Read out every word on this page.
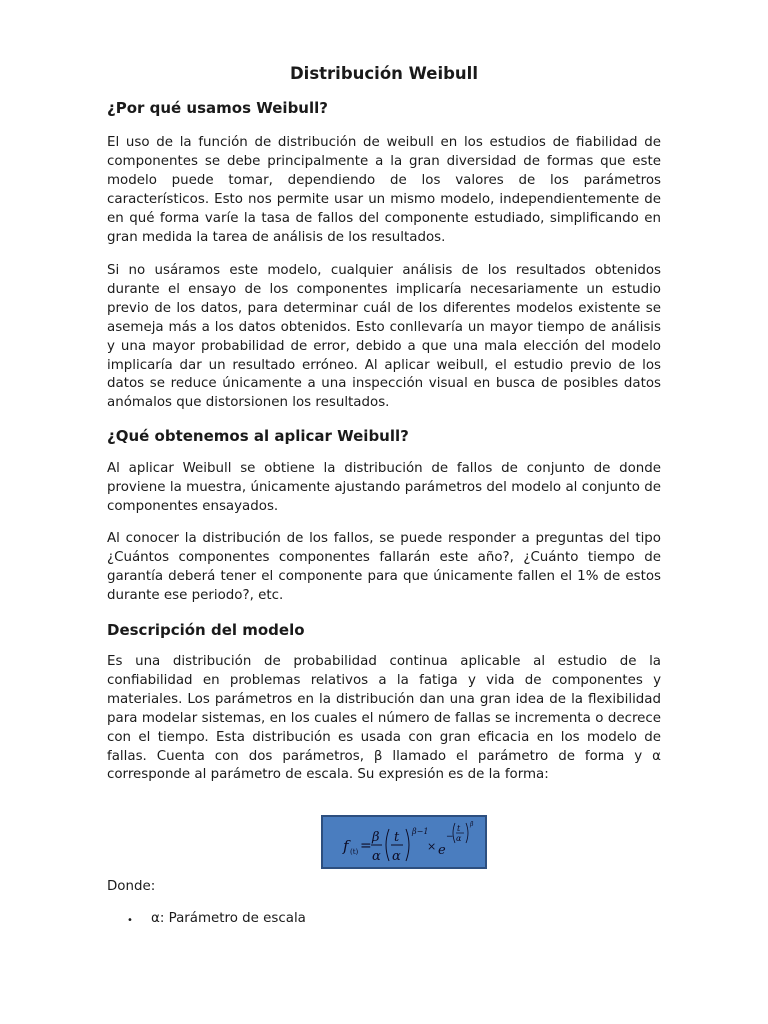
Distribución Weibull
¿Por qué usamos Weibull?

El uso de la función de distribución de weibull en los estudios de fiabilidad de componentes se debe principalmente a la gran diversidad de formas que este modelo puede tomar, dependiendo de los valores de los parámetros característicos. Esto nos permite usar un mismo modelo, independientemente de en qué forma varíe la tasa de fallos del componente estudiado, simplificando en gran medida la tarea de análisis de los resultados.

Si no usáramos este modelo, cualquier análisis de los resultados obtenidos durante el ensayo de los componentes implicaría necesariamente un estudio previo de los datos, para determinar cuál de los diferentes modelos existente se asemeja más a los datos obtenidos. Esto conllevaría un mayor tiempo de análisis y una mayor probabilidad de error, debido a que una mala elección del modelo implicaría dar un resultado erróneo. Al aplicar weibull, el estudio previo de los datos se reduce únicamente a una inspección visual en busca de posibles datos anómalos que distorsionen los resultados.

¿Qué obtenemos al aplicar Weibull?

Al aplicar Weibull se obtiene la distribución de fallos de conjunto de donde proviene la muestra, únicamente ajustando parámetros del modelo al conjunto de componentes ensayados.

Al conocer la distribución de los fallos, se puede responder a preguntas del tipo ¿Cuántos componentes componentes fallarán este año?, ¿Cuánto tiempo de garantía deberá tener el componente para que únicamente fallen el 1% de estos durante ese periodo?, etc.

Descripción del modelo

Es una distribución de probabilidad continua aplicable al estudio de la confiabilidad en problemas relativos a la fatiga y vida de componentes y materiales. Los parámetros en la distribución dan una gran idea de la flexibilidad para modelar sistemas, en los cuales el número de fallas se incrementa o decrece con el tiempo. Esta distribución es usada con gran eficacia en los modelo de fallas. Cuenta con dos parámetros, β llamado el parámetro de forma y α corresponde al parámetro de escala. Su expresión es de la forma:

f (t) =
β
α
t
α
β−1
× e
−
t
α
β

Donde:

• α: Parámetro de escala
